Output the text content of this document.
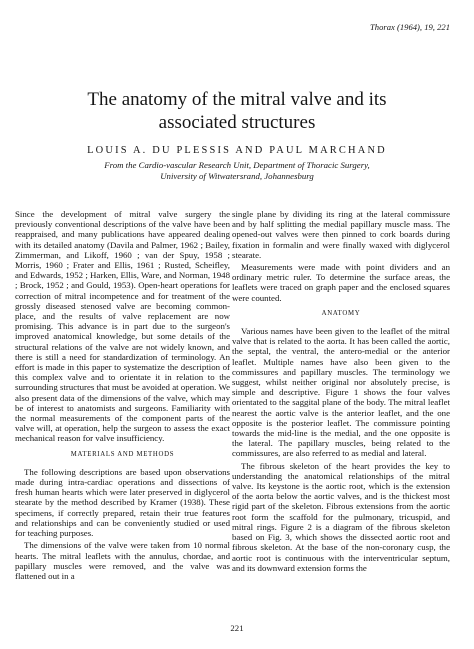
Thorax (1964), 19, 221
The anatomy of the mitral valve and its
associated structures
LOUIS A. DU PLESSIS AND PAUL MARCHAND
From the Cardio-vascular Research Unit, Department of Thoracic Surgery,
University of Witwatersrand, Johannesburg

Since the development of mitral valve surgery the previously conventional descriptions of the valve have been reappraised, and many publications have appeared dealing with its detailed anatomy (Davila and Palmer, 1962 ; Bailey, Zimmerman, and Likoff, 1960 ; van der Spuy, 1958 ; Morris, 1960 ; Frater and Ellis, 1961 ; Rusted, Scheifley, and Edwards, 1952 ; Harken, Ellis, Ware, and Norman, 1948 ; Brock, 1952 ; and Gould, 1953). Open-heart operations for correction of mitral incompetence and for treatment of the grossly diseased stenosed valve are becoming common-place, and the results of valve replacement are now promising. This advance is in part due to the surgeon's improved anatomical knowledge, but some details of the structural relations of the valve are not widely known, and there is still a need for standardization of terminology. An effort is made in this paper to systematize the description of this complex valve and to orientate it in relation to the surrounding structures that must be avoided at operation. We also present data of the dimensions of the valve, which may be of interest to anatomists and surgeons. Familiarity with the normal measurements of the component parts of the valve will, at operation, help the surgeon to assess the exact mechanical reason for valve insufficiency.

MATERIALS AND METHODS

The following descriptions are based upon observations made during intra-cardiac operations and dissections of fresh human hearts which were later preserved in diglycerol stearate by the method described by Kramer (1938). These specimens, if correctly prepared, retain their true features and relationships and can be conveniently studied or used for teaching purposes.

The dimensions of the valve were taken from 10 normal hearts. The mitral leaflets with the annulus, chordae, and papillary muscles were removed, and the valve was flattened out in a

single plane by dividing its ring at the lateral commissure and by half splitting the medial papillary muscle mass. The opened-out valves were then pinned to cork boards during fixation in formalin and were finally waxed with diglycerol stearate.

Measurements were made with point dividers and an ordinary metric ruler. To determine the surface areas, the leaflets were traced on graph paper and the enclosed squares were counted.

ANATOMY

Various names have been given to the leaflet of the mitral valve that is related to the aorta. It has been called the aortic, the septal, the ventral, the antero-medial or the anterior leaflet. Multiple names have also been given to the commissures and papillary muscles. The terminology we suggest, whilst neither original nor absolutely precise, is simple and descriptive. Figure 1 shows the four valves orientated to the saggital plane of the body. The mitral leaflet nearest the aortic valve is the anterior leaflet, and the one opposite is the posterior leaflet. The commissure pointing towards the mid-line is the medial, and the one opposite is the lateral. The papillary muscles, being related to the commissures, are also referred to as medial and lateral.

The fibrous skeleton of the heart provides the key to understanding the anatomical relationships of the mitral valve. Its keystone is the aortic root, which is the extension of the aorta below the aortic valves, and is the thickest most rigid part of the skeleton. Fibrous extensions from the aortic root form the scaffold for the pulmonary, tricuspid, and mitral rings. Figure 2 is a diagram of the fibrous skeleton based on Fig. 3, which shows the dissected aortic root and fibrous skeleton. At the base of the non-coronary cusp, the aortic root is continuous with the interventricular septum, and its downward extension forms the

221
